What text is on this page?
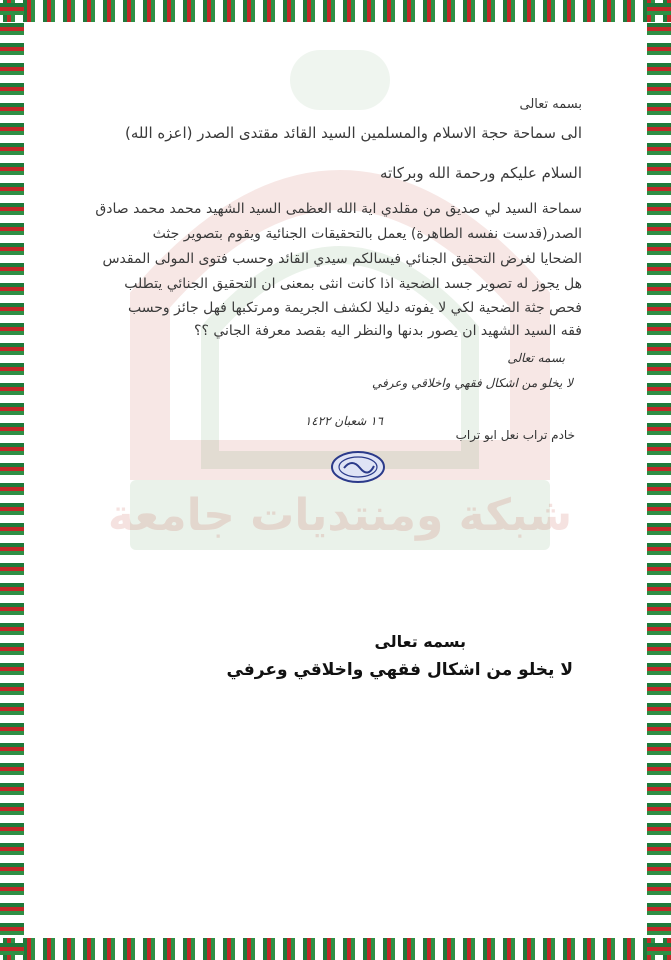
شبكة ومنتديات جامعة
بسمه تعالى
الى سماحة حجة الاسلام والمسلمين السيد القائد مقتدى الصدر (اعزه الله)
السلام عليكم ورحمة الله وبركاته
سماحة السيد لي صديق من مقلدي اية الله العظمى السيد الشهيد محمد محمد صادق
الصدر(قدست نفسه الطاهرة) يعمل بالتحقيقات الجنائية ويقوم بتصوير جثث
الضحايا لغرض التحقيق الجنائي فيسالكم سيدي القائد وحسب فتوى المولى المقدس
هل يجوز له تصوير جسد الضحية اذا كانت انثى بمعنى ان التحقيق الجنائي يتطلب
فحص جثة الضحية لكي لا يفوته دليلا لكشف الجريمة ومرتكبها فهل جائز وحسب
فقه السيد الشهيد ان يصور بدنها والنظر اليه بقصد معرفة الجاني ؟؟
بسمه تعالى
لا يخلو من اشكال فقهي واخلاقي وعرفي
خادم تراب نعل ابو تراب
١٦ شعبان ١٤٢٢
بسمه تعالى
لا يخلو من اشكال فقهي واخلاقي وعرفي
